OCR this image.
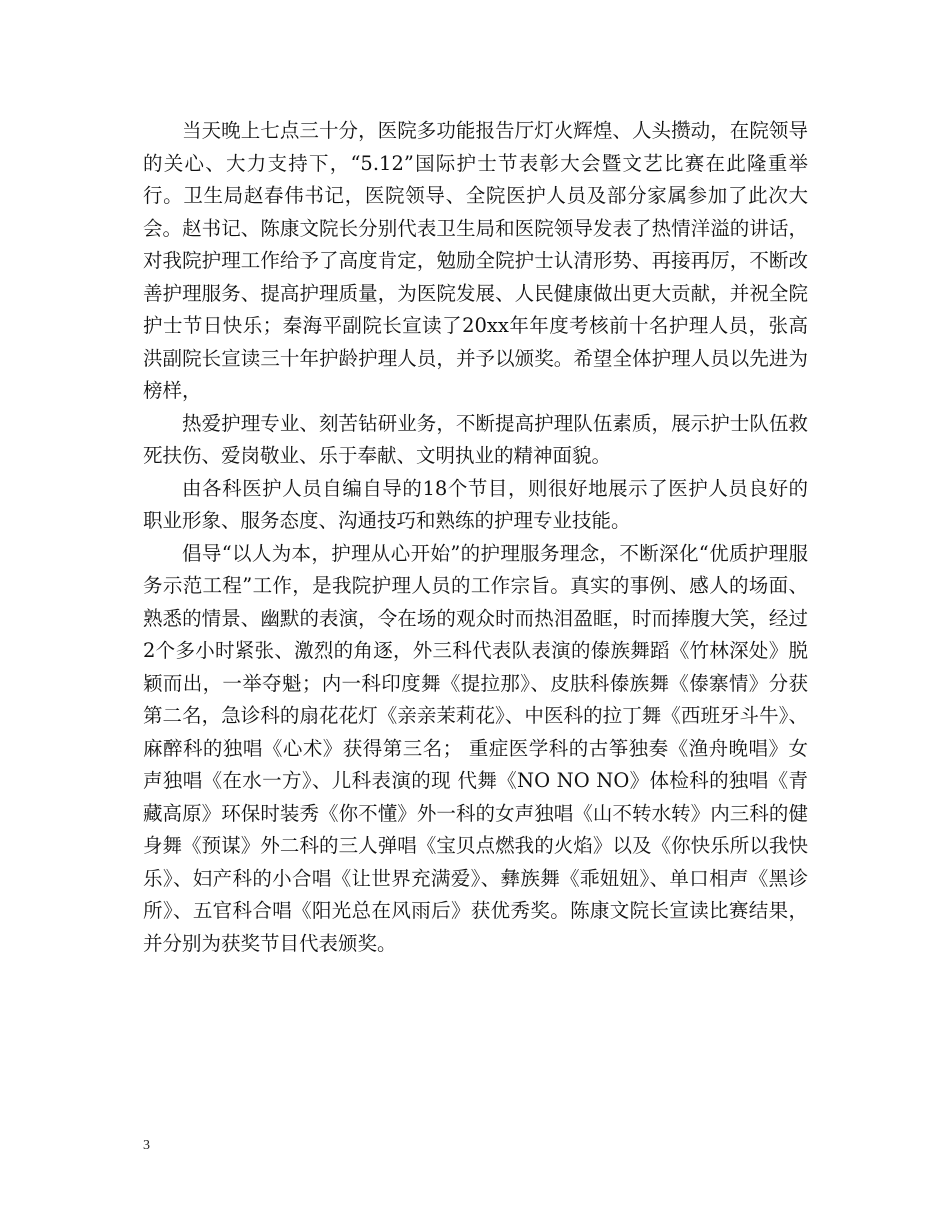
当天晚上七点三十分，医院多功能报告厅灯火辉煌、人头攒动，在院领导的关心、大力支持下，“5.12”国际护士节表彰大会暨文艺比赛在此隆重举行。卫生局赵春伟书记，医院领导、全院医护人员及部分家属参加了此次大会。赵书记、陈康文院长分别代表卫生局和医院领导发表了热情洋溢的讲话，对我院护理工作给予了高度肯定，勉励全院护士认清形势、再接再厉，不断改善护理服务、提高护理质量，为医院发展、人民健康做出更大贡献，并祝全院护士节日快乐；秦海平副院长宣读了20xx年年度考核前十名护理人员，张高洪副院长宣读三十年护龄护理人员，并予以颁奖。希望全体护理人员以先进为榜样，

热爱护理专业、刻苦钻研业务，不断提高护理队伍素质，展示护士队伍救死扶伤、爱岗敬业、乐于奉献、文明执业的精神面貌。

由各科医护人员自编自导的18个节目，则很好地展示了医护人员良好的职业形象、服务态度、沟通技巧和熟练的护理专业技能。

倡导“以人为本，护理从心开始”的护理服务理念，不断深化“优质护理服务示范工程”工作，是我院护理人员的工作宗旨。真实的事例、感人的场面、熟悉的情景、幽默的表演，令在场的观众时而热泪盈眶，时而捧腹大笑，经过2个多小时紧张、激烈的角逐，外三科代表队表演的傣族舞蹈《竹林深处》脱颖而出，一举夺魁；内一科印度舞《提拉那》、皮肤科傣族舞《傣寨情》分获第二名，急诊科的扇花花灯《亲亲茉莉花》、中医科的拉丁舞《西班牙斗牛》、麻醉科的独唱《心术》获得第三名； 重症医学科的古筝独奏《渔舟晚唱》女声独唱《在水一方》、儿科表演的现 代舞《NO NO NO》体检科的独唱《青藏高原》环保时装秀《你不懂》外一科的女声独唱《山不转水转》内三科的健身舞《预谋》外二科的三人弹唱《宝贝点燃我的火焰》以及《你快乐所以我快乐》、妇产科的小合唱《让世界充满爱》、彝族舞《乖妞妞》、单口相声《黑诊所》、五官科合唱《阳光总在风雨后》获优秀奖。陈康文院长宣读比赛结果，并分别为获奖节目代表颁奖。

3
